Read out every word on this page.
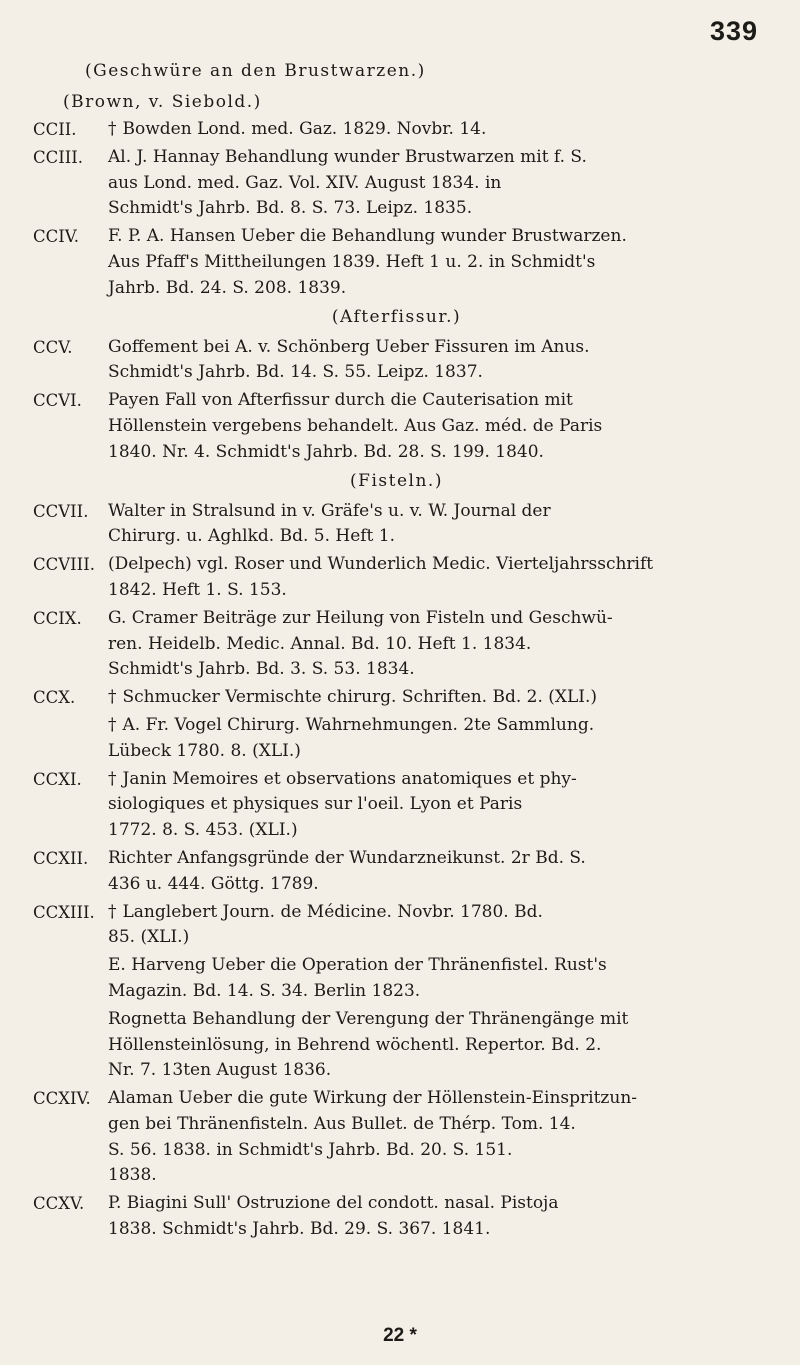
339
(Geschwüre an den Brustwarzen.)
(Brown, v. Siebold.)
CCII.	† Bowden Lond. med. Gaz. 1829. Novbr. 14.
CCIII.	Al. J. Hannay Behandlung wunder Brustwarzen mit f. S.
aus Lond. med. Gaz. Vol. XIV. August 1834. in
Schmidt's Jahrb. Bd. 8. S. 73. Leipz. 1835.
CCIV.	F. P. A. Hansen Ueber die Behandlung wunder Brustwarzen.
Aus Pfaff's Mittheilungen 1839. Heft 1 u. 2. in Schmidt's
Jahrb. Bd. 24. S. 208. 1839.
(Afterfissur.)
CCV.	Goffement bei A. v. Schönberg Ueber Fissuren im Anus.
Schmidt's Jahrb. Bd. 14. S. 55. Leipz. 1837.
CCVI.	Payen Fall von Afterfissur durch die Cauterisation mit
Höllenstein vergebens behandelt. Aus Gaz. méd. de Paris
1840. Nr. 4. Schmidt's Jahrb. Bd. 28. S. 199. 1840.
(Fisteln.)
CCVII.	Walter in Stralsund in v. Gräfe's u. v. W. Journal der
Chirurg. u. Aghlkd. Bd. 5. Heft 1.
CCVIII. (Delpech) vgl. Roser und Wunderlich Medic. Vierteljahrsschrift
1842. Heft 1. S. 153.
CCIX.	G. Cramer Beiträge zur Heilung von Fisteln und Geschwü-
ren. Heidelb. Medic. Annal. Bd. 10. Heft 1. 1834.
Schmidt's Jahrb. Bd. 3. S. 53. 1834.
CCX.	† Schmucker Vermischte chirurg. Schriften. Bd. 2. (XLI.)
† A. Fr. Vogel Chirurg. Wahrnehmungen. 2te Sammlung.
Lübeck 1780. 8. (XLI.)
CCXI.	† Janin Memoires et observations anatomiques et phy-
siologiques et physiques sur l'oeil. Lyon et Paris
1772. 8. S. 453. (XLI.)
CCXII.	Richter Anfangsgründe der Wundarzneikunst. 2r Bd. S.
436 u. 444. Göttg. 1789.
CCXIII. † Langlebert Journ. de Médicine. Novbr. 1780. Bd.
85. (XLI.)
E. Harveng Ueber die Operation der Thränenfistel. Rust's
Magazin. Bd. 14. S. 34. Berlin 1823.
Rognetta Behandlung der Verengung der Thränengänge mit
Höllensteinlösung, in Behrend wöchentl. Repertor. Bd. 2.
Nr. 7. 13ten August 1836.
CCXIV.	Alaman Ueber die gute Wirkung der Höllenstein-Einspritzun-
gen bei Thränenfisteln. Aus Bullet. de Thérp. Tom. 14.
S. 56. 1838. in Schmidt's Jahrb. Bd. 20. S. 151.
1838.
CCXV.	P. Biagini Sull' Ostruzione del condott. nasal. Pistoja
1838. Schmidt's Jahrb. Bd. 29. S. 367. 1841.
22 *
